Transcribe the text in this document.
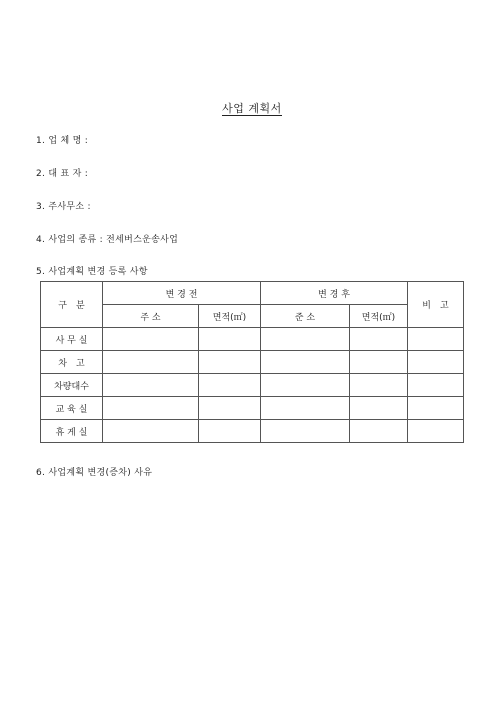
사업 계획서
1. 업 체 명 :
2. 대 표 자 :
3. 주사무소 :
4. 사업의 종류 : 전세버스운송사업
5. 사업계획 변경 등록 사항
구　분	변 경 전		변 경 후		비　고
	주 소	면적(㎡)	준 소	면적(㎡)	
사 무 실					
차　고					
차량대수					
교 육 실					
휴 게 실					
6. 사업계획 변경(증차) 사유
